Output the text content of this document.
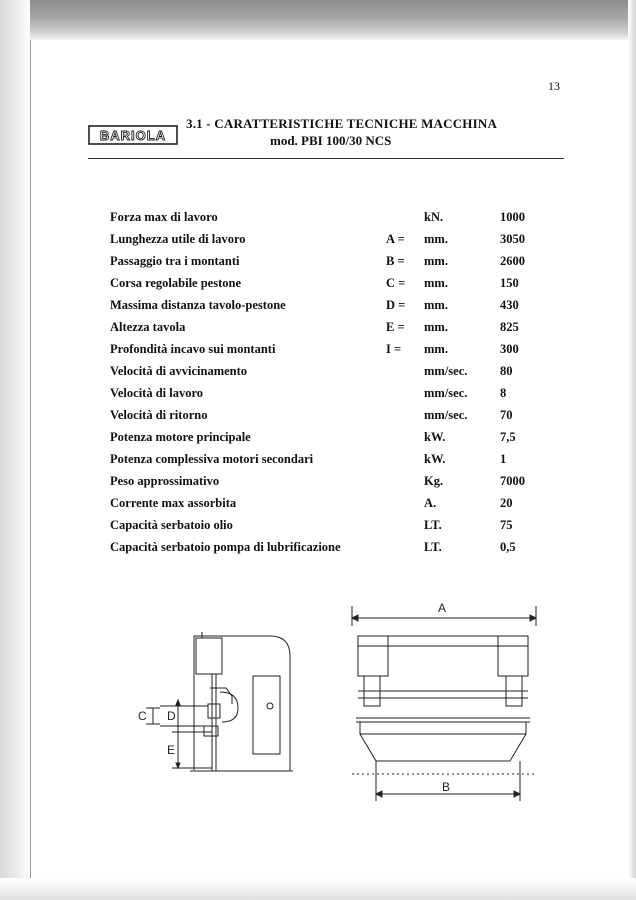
13
BARIOLA
3.1 - CARATTERISTICHE TECNICHE MACCHINA
mod. PBI 100/30 NCS
Forza max di lavoro	kN.	1000
Lunghezza utile di lavoro	A = mm.	3050
Passaggio tra i montanti	B = mm.	2600
Corsa regolabile pestone	C = mm.	150
Massima distanza tavolo-pestone	D = mm.	430
Altezza tavola	E = mm.	825
Profondità incavo sui montanti	I = mm.	300
Velocità di avvicinamento	mm/sec.	80
Velocità di lavoro	mm/sec.	8
Velocità di ritorno	mm/sec.	70
Potenza motore principale	kW.	7,5
Potenza complessiva motori secondari	kW.	1
Peso approssimativo	Kg.	7000
Corrente max assorbita	A.	20
Capacità serbatoio olio	LT.	75
Capacità serbatoio pompa di lubrificazione	LT.	0,5
C D
E
A
B
